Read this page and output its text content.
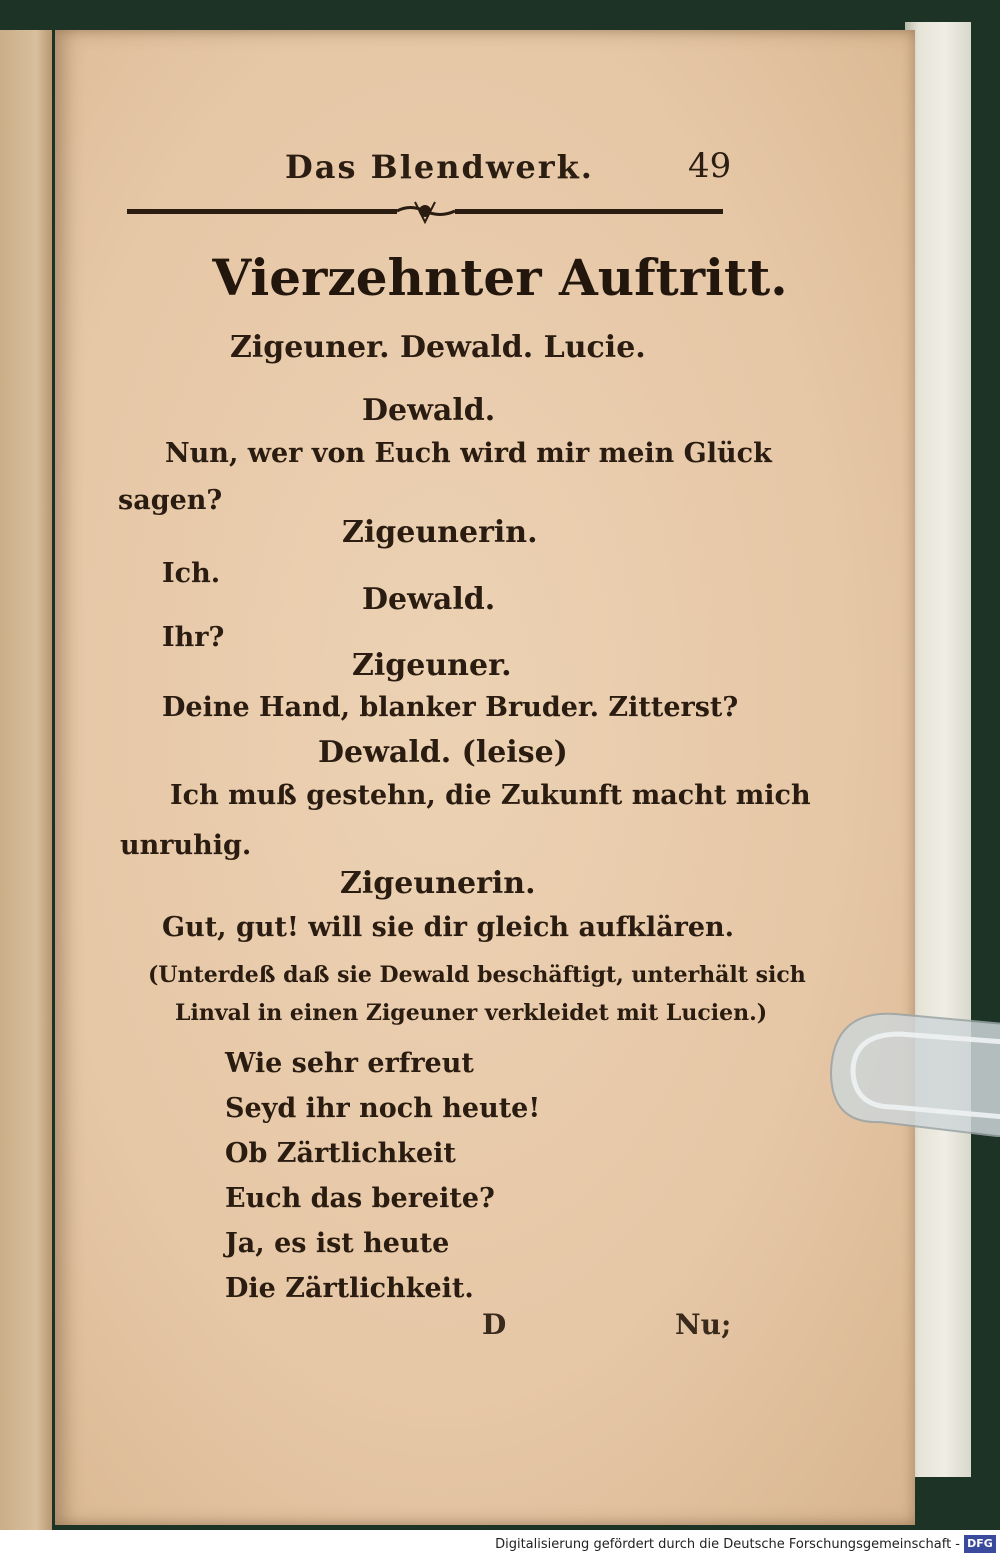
Das Blendwerk.	49
Vierzehnter Auftritt.
Zigeuner. Dewald. Lucie.
Dewald.
Nun, wer von Euch wird mir mein Glück
sagen?
Zigeunerin.
Ich.
Dewald.
Ihr?
Zigeuner.
Deine Hand, blanker Bruder. Zitterst?
Dewald. (leise)
Ich muß gestehn, die Zukunft macht mich
unruhig.
Zigeunerin.
Gut, gut! will sie dir gleich aufklären.
(Unterdeß daß sie Dewald beschäftigt, unterhält sich
Linval in einen Zigeuner verkleidet mit Lucien.)
Wie sehr erfreut
Seyd ihr noch heute!
Ob Zärtlichkeit
Euch das bereite?
Ja, es ist heute
Die Zärtlichkeit.
D	Nu;
Digitalisierung gefördert durch die Deutsche Forschungsgemeinschaft - DFG
